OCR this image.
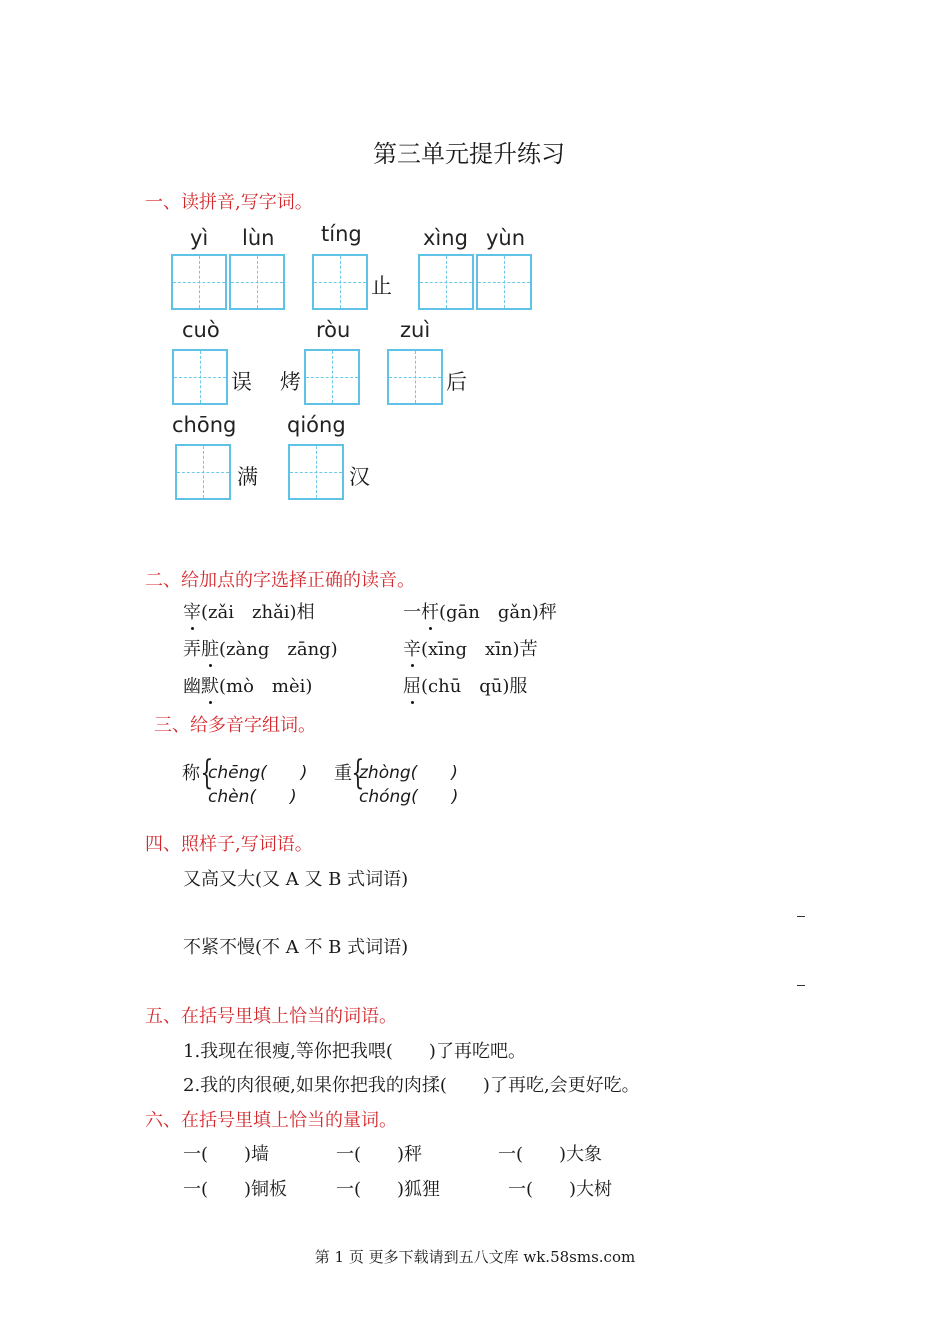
第三单元提升练习
一、读拼音,写字词。
yì lùn tíng	xìng yùn
止
cuò	ròu zuì
误 烤	后
chōng qióng
满	汉
二、给加点的字选择正确的读音。
宰(zǎi　zhǎi)相	一杆(gān　gǎn)秤
弄脏(zàng　zāng)	辛(xīng　xīn)苦
幽默(mò　mèi)	屈(chū　qū)服
三、给多音字组词。
称 {
chēng(　　)
chèn(　　)
重 {
zhòng(　　)
chóng(　　)
四、照样子,写词语。
又高又大(又 A 又 B 式词语)
不紧不慢(不 A 不 B 式词语)
五、在括号里填上恰当的词语。
1.我现在很瘦,等你把我喂(　　)了再吃吧。
2.我的肉很硬,如果你把我的肉揉(　　)了再吃,会更好吃。
六、在括号里填上恰当的量词。
一(　　)墙	一(　　)秤	一(　　)大象
一(　　)铜板	一(　　)狐狸	一(　　)大树
第 1 页 更多下载请到五八文库 wk.58sms.com
